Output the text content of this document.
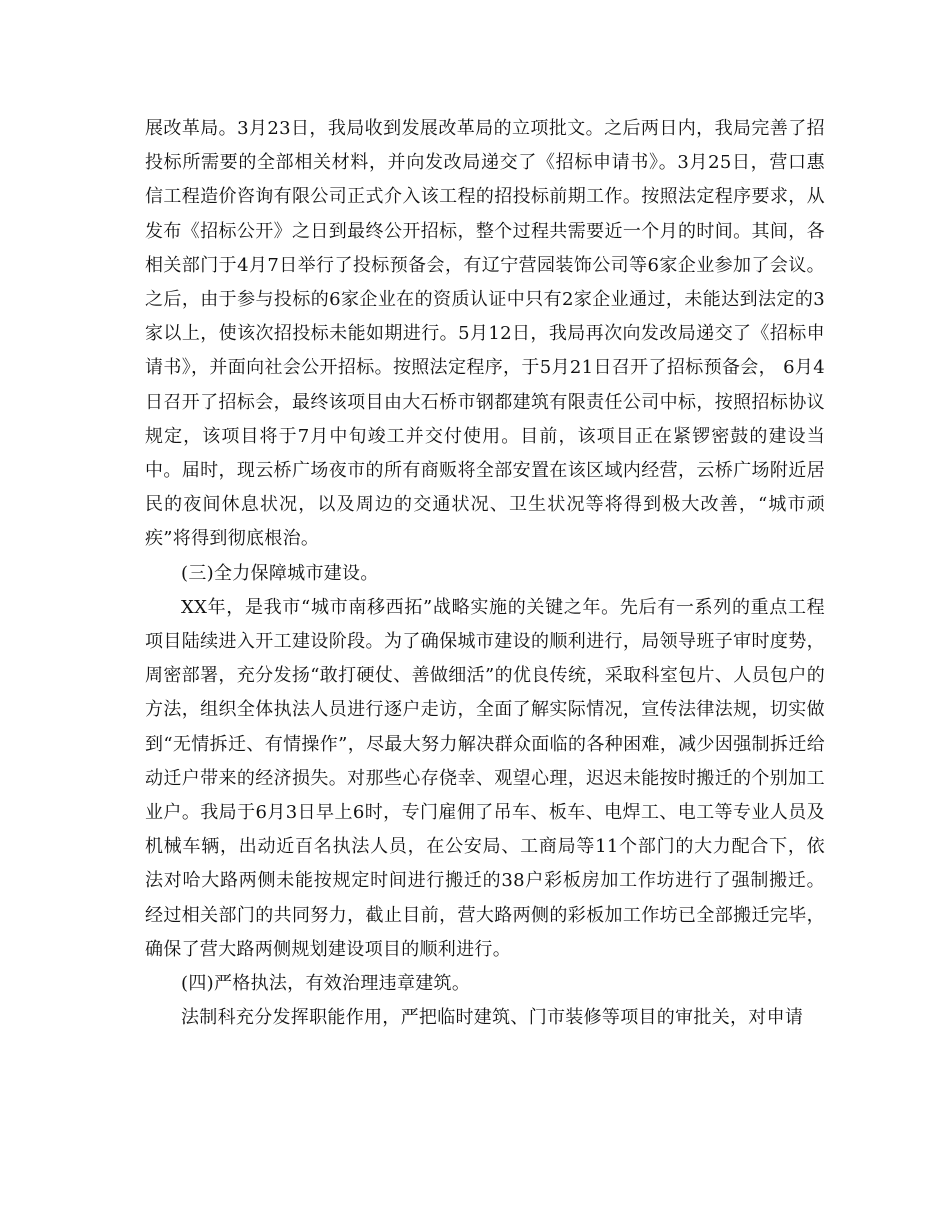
展改革局。3月23日，我局收到发展改革局的立项批文。之后两日内，我局完善了招投标所需要的全部相关材料，并向发改局递交了《招标申请书》。3月25日，营口惠信工程造价咨询有限公司正式介入该工程的招投标前期工作。按照法定程序要求，从发布《招标公开》之日到最终公开招标，整个过程共需要近一个月的时间。其间，各相关部门于4月7日举行了投标预备会，有辽宁营园装饰公司等6家企业参加了会议。之后，由于参与投标的6家企业在的资质认证中只有2家企业通过，未能达到法定的3家以上，使该次招投标未能如期进行。5月12日，我局再次向发改局递交了《招标申请书》，并面向社会公开招标。按照法定程序，于5月21日召开了招标预备会， 6月4日召开了招标会，最终该项目由大石桥市钢都建筑有限责任公司中标，按照招标协议规定，该项目将于7月中旬竣工并交付使用。目前，该项目正在紧锣密鼓的建设当中。届时，现云桥广场夜市的所有商贩将全部安置在该区域内经营，云桥广场附近居民的夜间休息状况，以及周边的交通状况、卫生状况等将得到极大改善，“城市顽疾”将得到彻底根治。

(三)全力保障城市建设。

XX年，是我市“城市南移西拓”战略实施的关键之年。先后有一系列的重点工程项目陆续进入开工建设阶段。为了确保城市建设的顺利进行，局领导班子审时度势，周密部署，充分发扬“敢打硬仗、善做细活”的优良传统，采取科室包片、人员包户的方法，组织全体执法人员进行逐户走访，全面了解实际情况，宣传法律法规，切实做到“无情拆迁、有情操作”，尽最大努力解决群众面临的各种困难，减少因强制拆迁给动迁户带来的经济损失。对那些心存侥幸、观望心理，迟迟未能按时搬迁的个别加工业户。我局于6月3日早上6时，专门雇佣了吊车、板车、电焊工、电工等专业人员及机械车辆，出动近百名执法人员，在公安局、工商局等11个部门的大力配合下，依法对哈大路两侧未能按规定时间进行搬迁的38户彩板房加工作坊进行了强制搬迁。经过相关部门的共同努力，截止目前，营大路两侧的彩板加工作坊已全部搬迁完毕，确保了营大路两侧规划建设项目的顺利进行。

(四)严格执法，有效治理违章建筑。

法制科充分发挥职能作用，严把临时建筑、门市装修等项目的审批关，对申请
